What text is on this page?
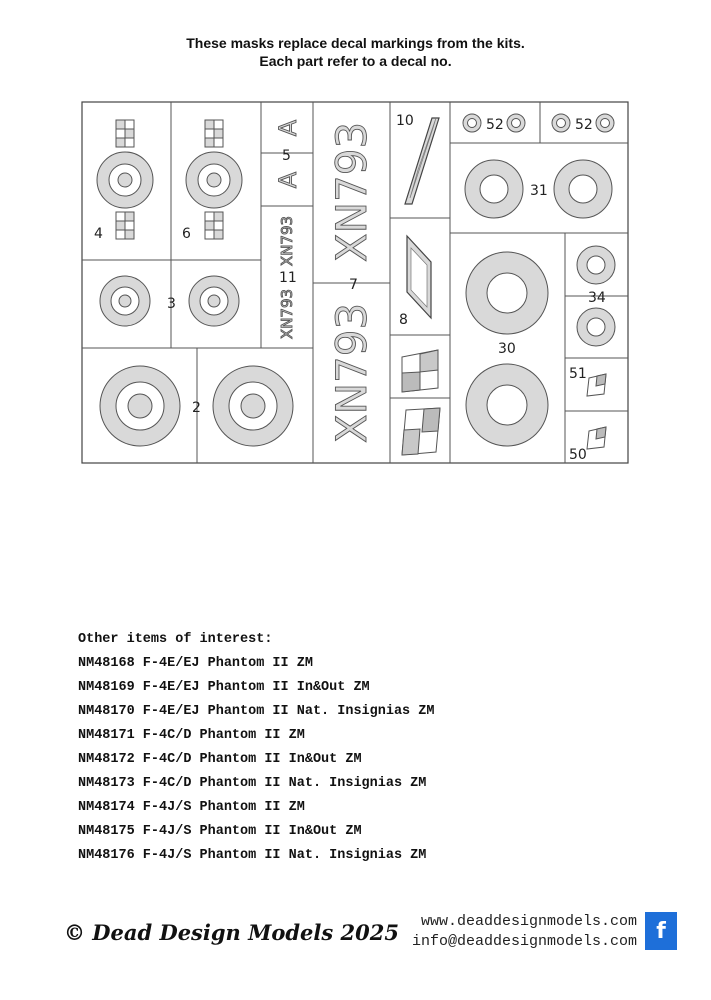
These masks replace decal markings from the kits.
Each part refer to a decal no.
A
A
XN793
XN793
XN793
XN793
4	6
3
2
5
11	7
10
8
52	52
31
30
34
51
50
Other items of interest:
NM48168 F-4E/EJ Phantom II ZM
NM48169 F-4E/EJ Phantom II In&Out ZM
NM48170 F-4E/EJ Phantom II Nat. Insignias ZM
NM48171 F-4C/D Phantom II ZM
NM48172 F-4C/D Phantom II In&Out ZM
NM48173 F-4C/D Phantom II Nat. Insignias ZM
NM48174 F-4J/S Phantom II ZM
NM48175 F-4J/S Phantom II In&Out ZM
NM48176 F-4J/S Phantom II Nat. Insignias ZM
© Dead Design Models 2025	www.deaddesignmodels.com
info@deaddesignmodels.com f
